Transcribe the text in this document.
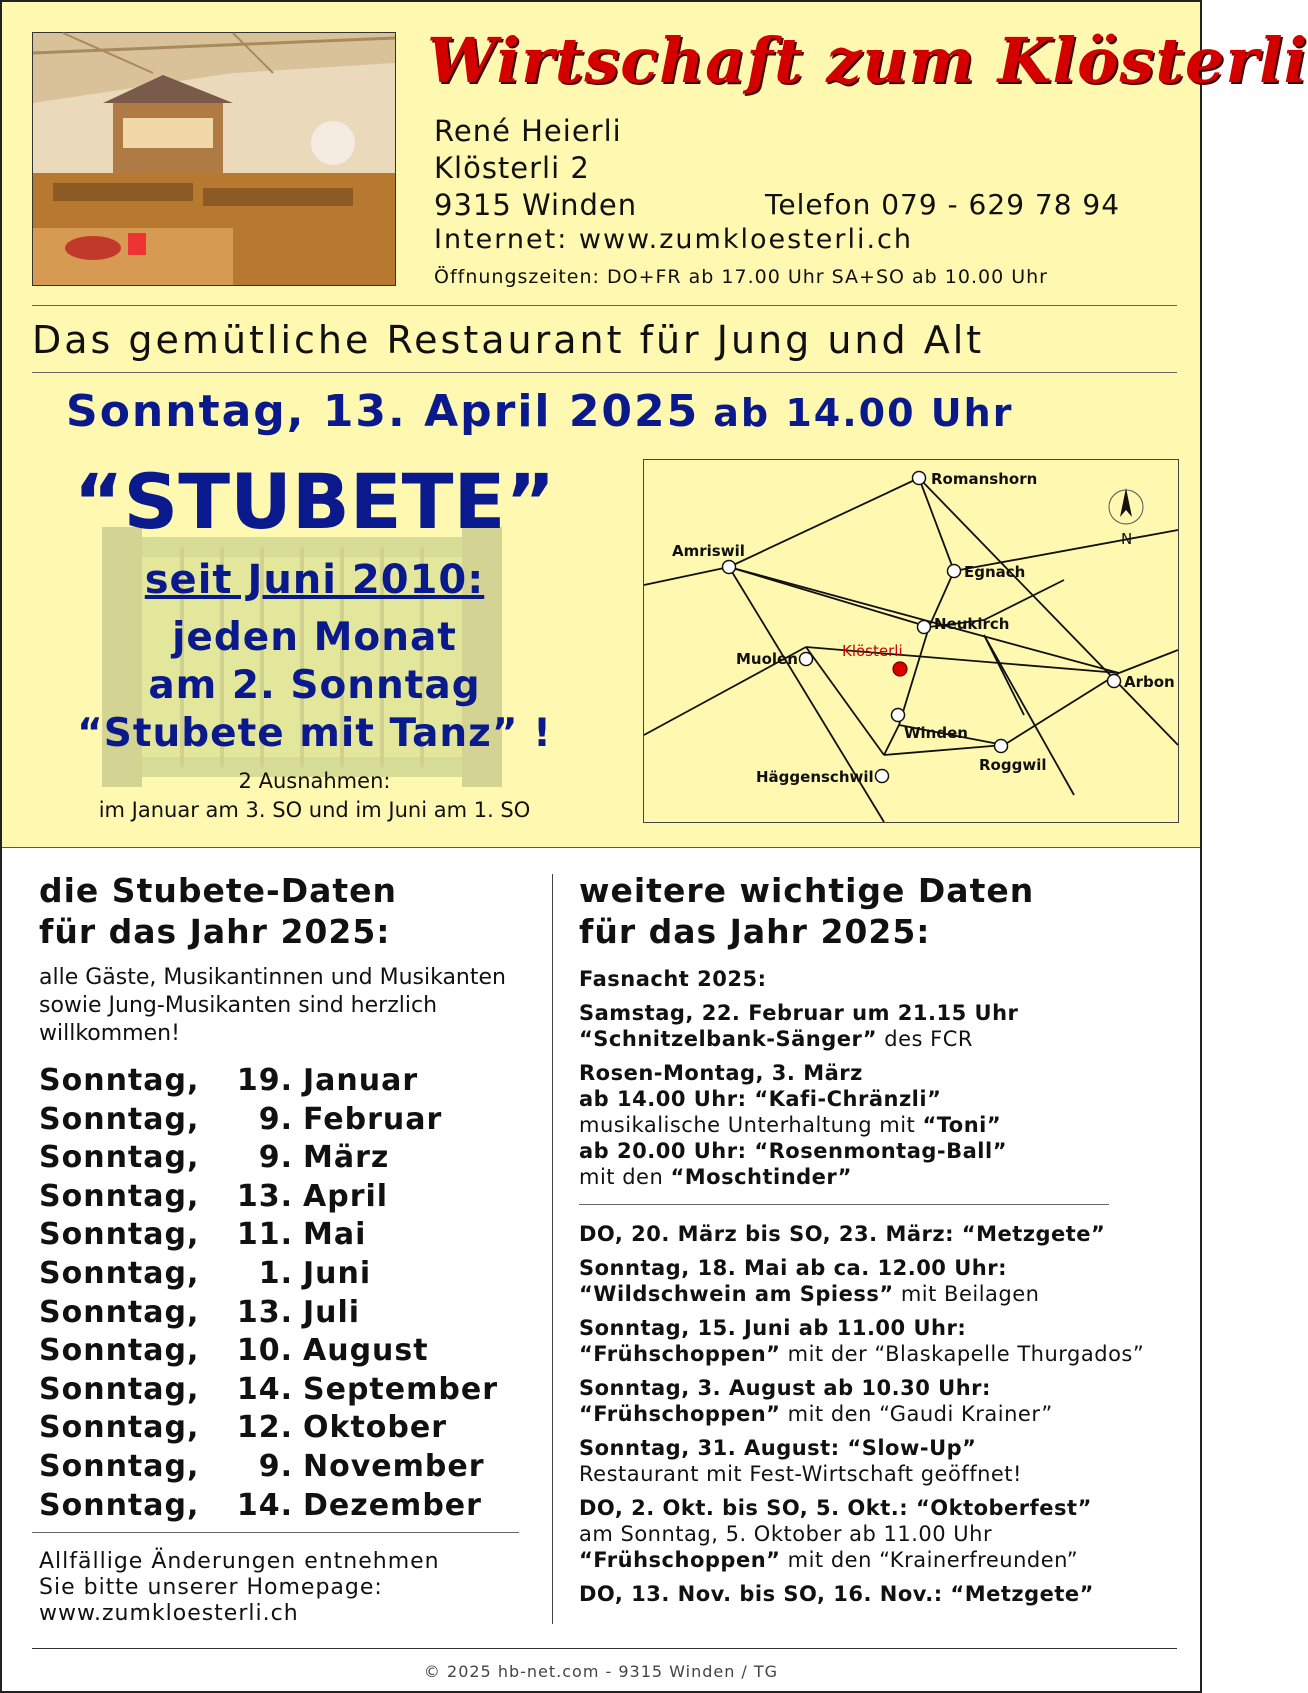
Wirtschaft zum Klösterli
René Heierli
Klösterli 2
9315 Winden	Telefon 079 - 629 78 94
Internet: www.zumkloesterli.ch
Öffnungszeiten: DO+FR ab 17.00 Uhr SA+SO ab 10.00 Uhr
Das gemütliche Restaurant für Jung und Alt
Sonntag, 13. April 2025 ab 14.00 Uhr
“STUBETE”
seit Juni 2010:
jeden Monat
am 2. Sonntag
“Stubete mit Tanz” !
2 Ausnahmen:
im Januar am 3. SO und im Juni am 1. SO
Romanshorn
Amriswil
Egnach
Neukirch
Klösterli
Muolen
Arbon
Winden
Roggwil
Häggenschwil
N
die Stubete-Daten
für das Jahr 2025:
alle Gäste, Musikantinnen und Musikanten sowie Jung-Musikanten sind herzlich willkommen!
Sonntag,	19. Januar
Sonntag,	9. Februar
Sonntag,	9. März
Sonntag,	13. April
Sonntag,	11. Mai
Sonntag,	1. Juni
Sonntag,	13. Juli
Sonntag,	10. August
Sonntag,	14. September
Sonntag,	12. Oktober
Sonntag,	9. November
Sonntag,	14. Dezember
Allfällige Änderungen entnehmen
Sie bitte unserer Homepage:
www.zumkloesterli.ch
weitere wichtige Daten
für das Jahr 2025:
Fasnacht 2025:
Samstag, 22. Februar um 21.15 Uhr
“Schnitzelbank-Sänger” des FCR
Rosen-Montag, 3. März
ab 14.00 Uhr: “Kafi-Chränzli”
musikalische Unterhaltung mit “Toni”
ab 20.00 Uhr: “Rosenmontag-Ball”
mit den “Moschtinder”
DO, 20. März bis SO, 23. März: “Metzgete”
Sonntag, 18. Mai ab ca. 12.00 Uhr:
“Wildschwein am Spiess” mit Beilagen
Sonntag, 15. Juni ab 11.00 Uhr:
“Frühschoppen” mit der “Blaskapelle Thurgados”
Sonntag, 3. August ab 10.30 Uhr:
“Frühschoppen” mit den “Gaudi Krainer”
Sonntag, 31. August: “Slow-Up”
Restaurant mit Fest-Wirtschaft geöffnet!
DO, 2. Okt. bis SO, 5. Okt.: “Oktoberfest”
am Sonntag, 5. Oktober ab 11.00 Uhr
“Frühschoppen” mit den “Krainerfreunden”
DO, 13. Nov. bis SO, 16. Nov.: “Metzgete”
© 2025 hb-net.com - 9315 Winden / TG
